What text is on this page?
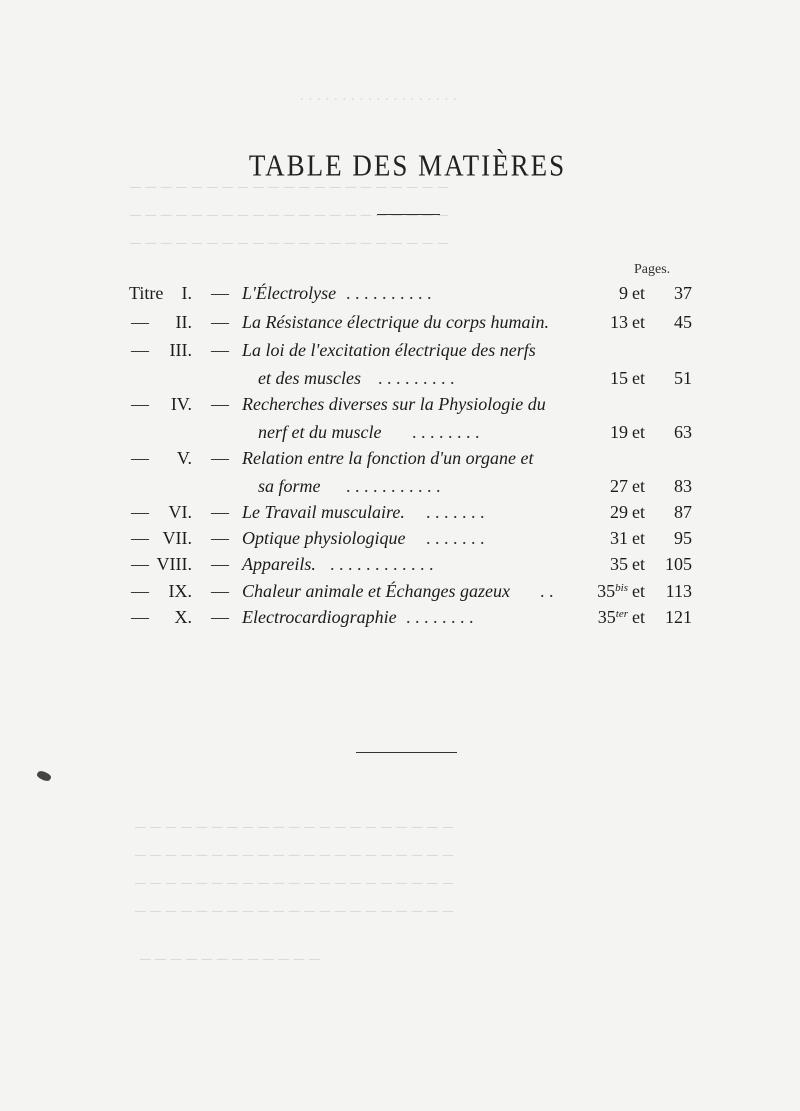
. . . . . . . . . . . . . . . . . . .
─ ─ ─ ─ ─ ─ ─ ─ ─ ─ ─ ─ ─ ─ ─ ─ ─ ─ ─ ─ ─
─ ─ ─ ─ ─ ─ ─ ─ ─ ─ ─ ─ ─ ─ ─ ─ ─ ─ ─ ─ ─
─ ─ ─ ─ ─ ─ ─ ─ ─ ─ ─ ─ ─ ─ ─ ─ ─ ─ ─ ─ ─
─ ─ ─ ─ ─ ─ ─ ─ ─ ─ ─ ─ ─ ─ ─ ─ ─ ─ ─ ─ ─
─ ─ ─ ─ ─ ─ ─ ─ ─ ─ ─ ─ ─ ─ ─ ─ ─ ─ ─ ─ ─
─ ─ ─ ─ ─ ─ ─ ─ ─ ─ ─ ─ ─ ─ ─ ─ ─ ─ ─ ─ ─
─ ─ ─ ─ ─ ─ ─ ─ ─ ─ ─ ─ ─ ─ ─ ─ ─ ─ ─ ─ ─
─ ─ ─ ─ ─ ─ ─ ─ ─ ─ ─ ─
TABLE DES MATIÈRES
Pages.
Titre I. — L'Électrolyse . . . . . . . . . .	9 et 37
— II. — La Résistance électrique du corps humain.	13 et 45
— III. — La loi de l'excitation électrique des nerfs
et des muscles . . . . . . . . .	15 et 51
— IV. — Recherches diverses sur la Physiologie du
nerf et du muscle . . . . . . . .	19 et 63
— V. — Relation entre la fonction d'un organe et
sa forme . . . . . . . . . . .	27 et 83
— VI. — Le Travail musculaire. . . . . . . .	29 et 87
— VII. — Optique physiologique . . . . . . .	31 et 95
— VIII. — Appareils. . . . . . . . . . . . .	35 et 105
— IX. — Chaleur animale et Échanges gazeux . . $35^{bis}$ et 113
— X. — Electrocardiographie . . . . . . . .	$35^{ter}$ et 121
